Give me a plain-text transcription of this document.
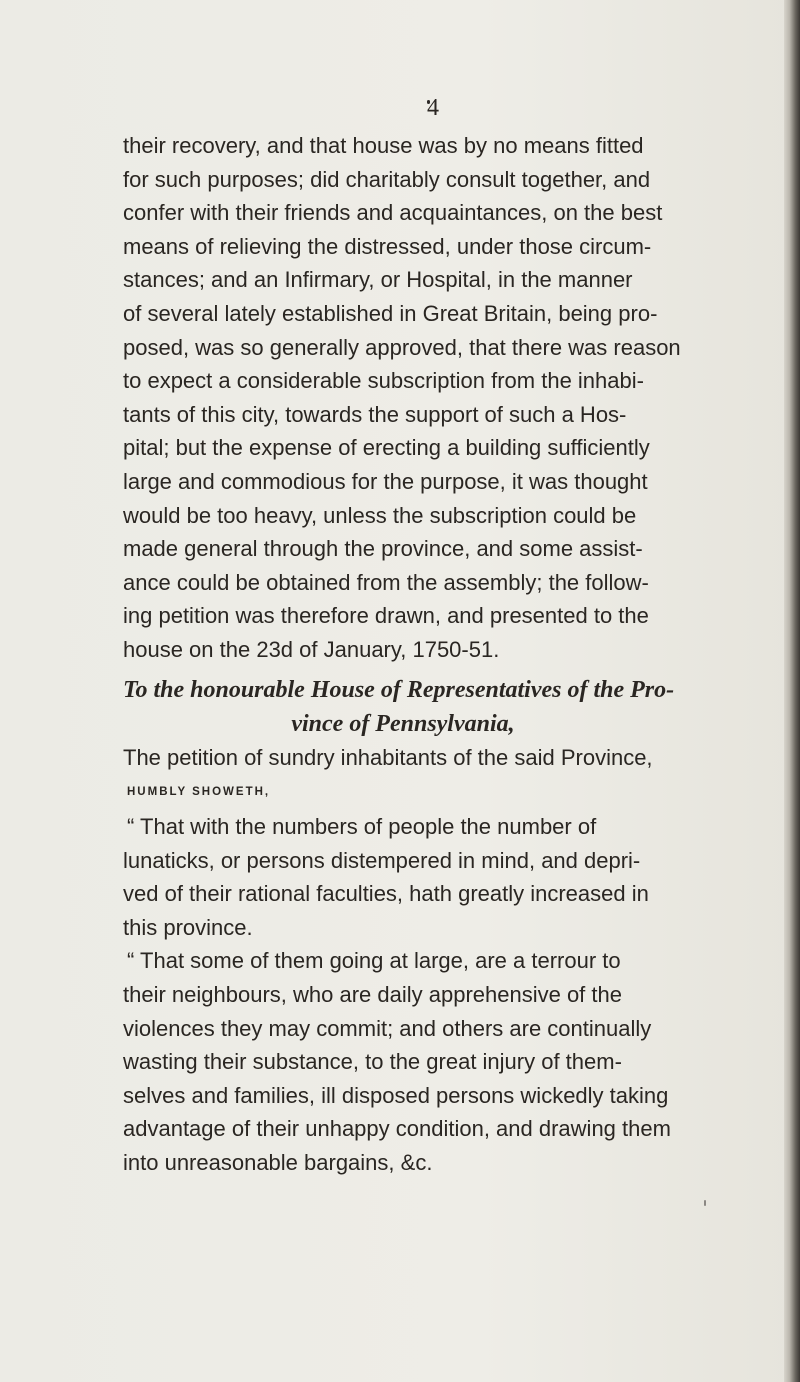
4
their recovery, and that house was by no means fitted
for such purposes; did charitably consult together, and
confer with their friends and acquaintances, on the best
means of relieving the distressed, under those circum-
stances; and an Infirmary, or Hospital, in the manner
of several lately established in Great Britain, being pro-
posed, was so generally approved, that there was reason
to expect a considerable subscription from the inhabi-
tants of this city, towards the support of such a Hos-
pital; but the expense of erecting a building sufficiently
large and commodious for the purpose, it was thought
would be too heavy, unless the subscription could be
made general through the province, and some assist-
ance could be obtained from the assembly; the follow-
ing petition was therefore drawn, and presented to the
house on the 23d of January, 1750-51.
To the honourable House of Representatives of the Pro-
vince of Pennsylvania,
The petition of sundry inhabitants of the said Province,
HUMBLY SHOWETH,
“ That with the numbers of people the number of
lunaticks, or persons distempered in mind, and depri-
ved of their rational faculties, hath greatly increased in
this province.
“ That some of them going at large, are a terrour to
their neighbours, who are daily apprehensive of the
violences they may commit; and others are continually
wasting their substance, to the great injury of them-
selves and families, ill disposed persons wickedly taking
advantage of their unhappy condition, and drawing them
into unreasonable bargains, &c.
